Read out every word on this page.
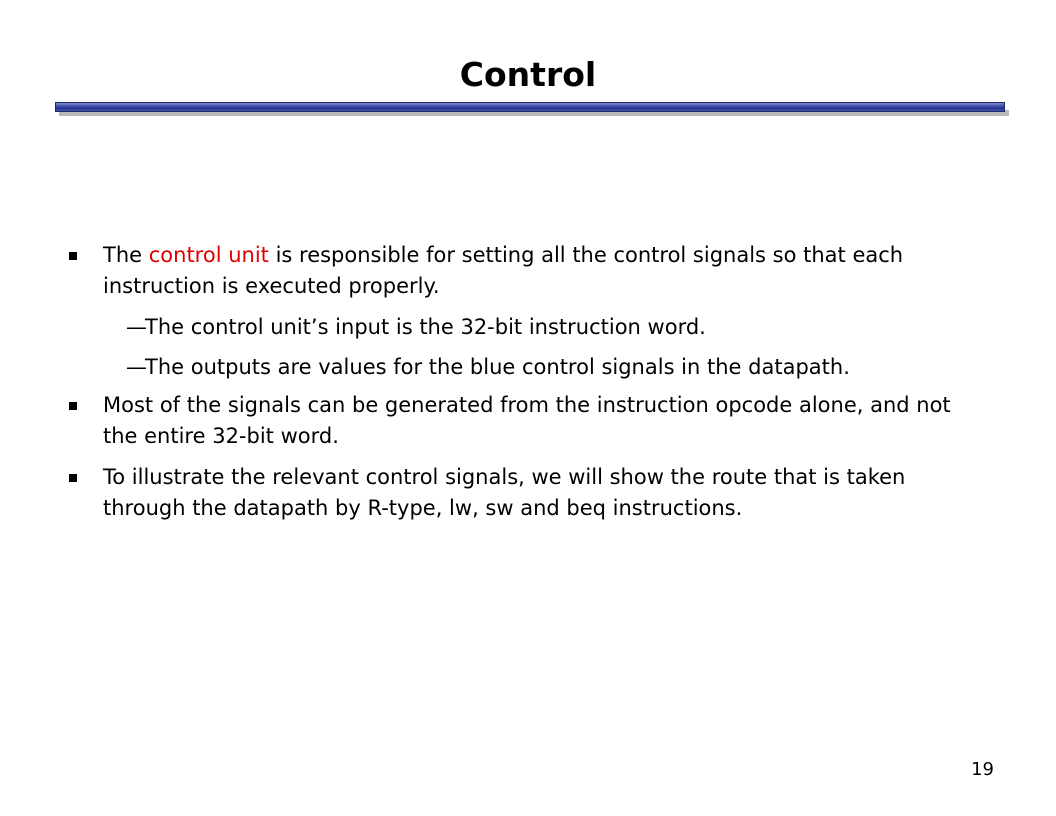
Control
The control unit is responsible for setting all the control signals so that each instruction is executed properly.
—
The control unit’s input is the 32-bit instruction word.
—
The outputs are values for the blue control signals in the datapath.
Most of the signals can be generated from the instruction opcode alone, and not the entire 32-bit word.
To illustrate the relevant control signals, we will show the route that is taken through the datapath by R-type, lw, sw and beq instructions.
19
